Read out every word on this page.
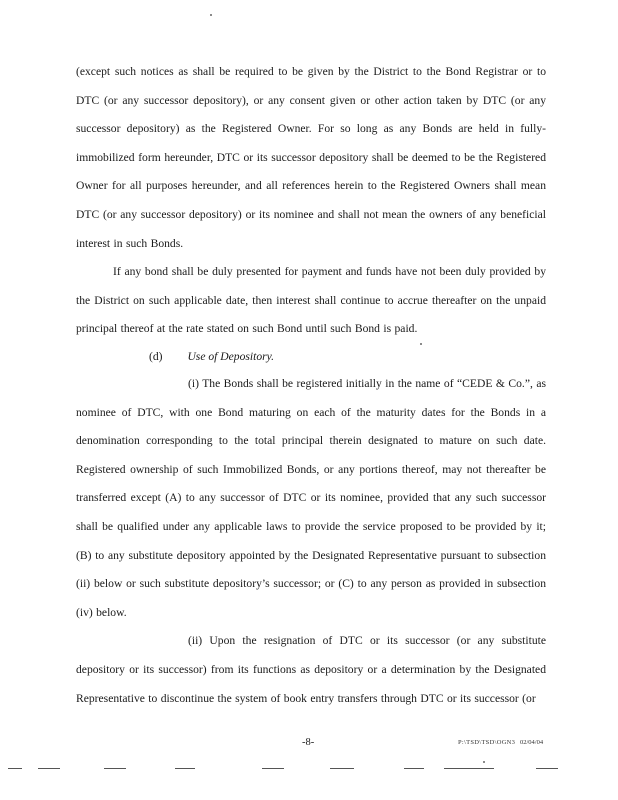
(except such notices as shall be required to be given by the District to the Bond Registrar or to DTC (or any successor depository), or any consent given or other action taken by DTC (or any successor depository) as the Registered Owner. For so long as any Bonds are held in fully-immobilized form hereunder, DTC or its successor depository shall be deemed to be the Registered Owner for all purposes hereunder, and all references herein to the Registered Owners shall mean DTC (or any successor depository) or its nominee and shall not mean the owners of any beneficial interest in such Bonds.

If any bond shall be duly presented for payment and funds have not been duly provided by the District on such applicable date, then interest shall continue to accrue thereafter on the unpaid principal thereof at the rate stated on such Bond until such Bond is paid.

(d) Use of Depository.

(i) The Bonds shall be registered initially in the name of “CEDE & Co.”, as nominee of DTC, with one Bond maturing on each of the maturity dates for the Bonds in a denomination corresponding to the total principal therein designated to mature on such date. Registered ownership of such Immobilized Bonds, or any portions thereof, may not thereafter be transferred except (A) to any successor of DTC or its nominee, provided that any such successor shall be qualified under any applicable laws to provide the service proposed to be provided by it; (B) to any substitute depository appointed by the Designated Representative pursuant to subsection (ii) below or such substitute depository’s successor; or (C) to any person as provided in subsection (iv) below.

(ii) Upon the resignation of DTC or its successor (or any substitute depository or its successor) from its functions as depository or a determination by the Designated Representative to discontinue the system of book entry transfers through DTC or its successor (or

-8-	P:\TSD\TSD\OGN3 02/04/04
